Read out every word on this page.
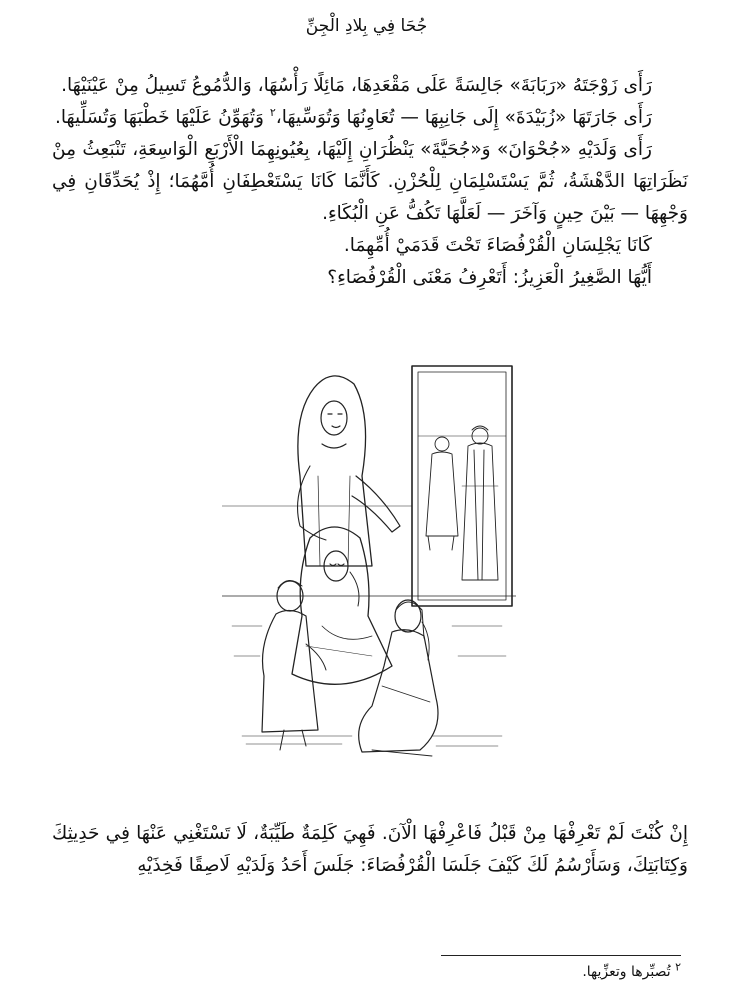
جُحَا فِي بِلادِ الْجِنِّ

رَأَى زَوْجَتَهُ «رَبَابَةَ» جَالِسَةً عَلَى مَقْعَدِهَا، مَائِلًا رَأْسُهَا، وَالدُّمُوعُ تَسِيلُ مِنْ عَيْنَيْهَا.

رَأَى جَارَتَهَا «زُبَيْدَةَ» إِلَى جَانِبِهَا — تُعَاوِنُهَا وَتُوَسِّيهَا،$^٢$ وَتُهَوِّنُ عَلَيْهَا خَطْبَهَا وَتُسَلِّيهَا.

رَأَى وَلَدَيْهِ «جُحْوَانَ» وَ«جُحَيَّةَ» يَنْظُرَانِ إِلَيْهَا، بِعُيُونِهِمَا الْأَرْبَعِ الْوَاسِعَةِ، تَنْبَعِثُ مِنْ نَظَرَاتِهَا الدَّهْشَةُ، ثُمَّ يَسْتَسْلِمَانِ لِلْحُزْنِ. كَأَنَّمَا كَانَا يَسْتَعْطِفَانِ أُمَّهُمَا؛ إِذْ يُحَدِّقَانِ فِي وَجْهِهَا — بَيْنَ حِينٍ وَآخَرَ — لَعَلَّهَا تَكُفُّ عَنِ الْبُكَاءِ.

كَانَا يَجْلِسَانِ الْقُرْفُصَاءَ تَحْتَ قَدَمَيْ أُمِّهِمَا.

أَيُّهَا الصَّغِيرُ الْعَزِيزُ: أَتَعْرِفُ مَعْنَى الْقُرْفُصَاءِ؟

إِنْ كُنْتَ لَمْ تَعْرِفْهَا مِنْ قَبْلُ فَاعْرِفْهَا الْآنَ. فَهِيَ كَلِمَةٌ طَيِّبَةٌ، لَا تَسْتَغْنِي عَنْهَا فِي حَدِيثِكَ وَكِتَابَتِكَ، وَسَأَرْسُمُ لَكَ كَيْفَ جَلَسَا الْقُرْفُصَاءَ: جَلَسَ أَحَدُ وَلَدَيْهِ لَاصِقًا فَخِذَيْهِ

$^٢$ تُصبِّرها وتعزِّيها.
